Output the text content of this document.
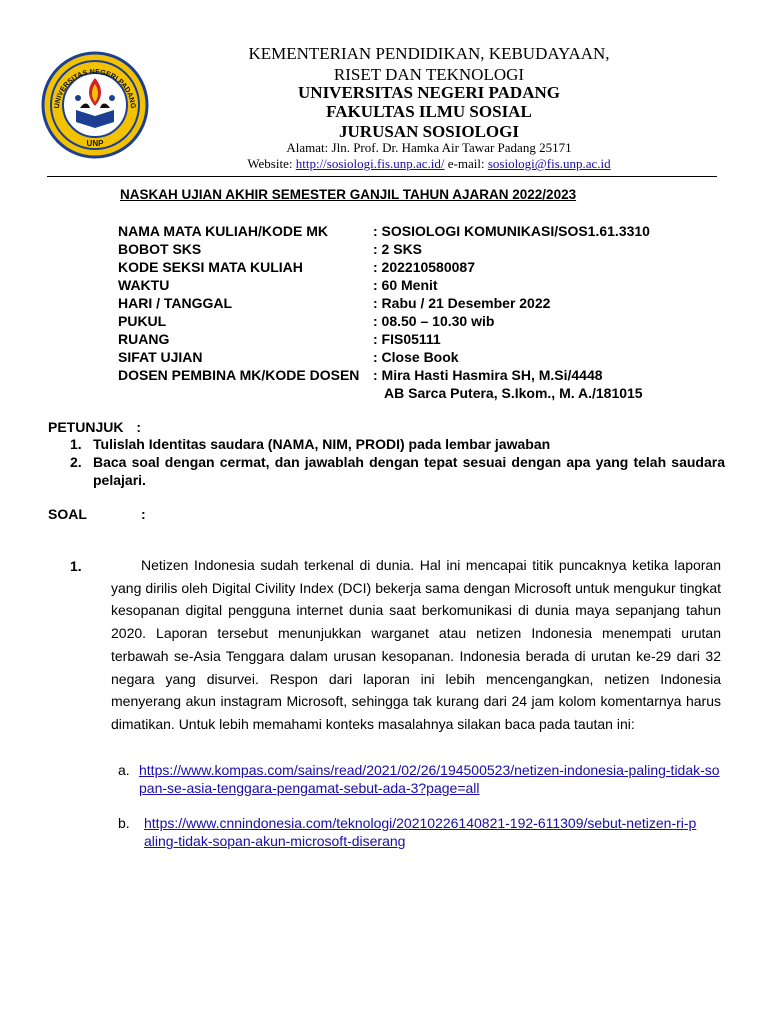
UNIVERSITAS NEGERI PADANG
UNP
KEMENTERIAN PENDIDIKAN, KEBUDAYAAN,
RISET DAN TEKNOLOGI
UNIVERSITAS NEGERI PADANG
FAKULTAS ILMU SOSIAL
JURUSAN SOSIOLOGI
Alamat: Jln. Prof. Dr. Hamka Air Tawar Padang 25171
Website: http://sosiologi.fis.unp.ac.id/ e-mail: sosiologi@fis.unp.ac.id
NASKAH UJIAN AKHIR SEMESTER GANJIL TAHUN AJARAN 2022/2023
NAMA MATA KULIAH/KODE MK	: SOSIOLOGI KOMUNIKASI/SOS1.61.3310
BOBOT SKS	: 2 SKS
KODE SEKSI MATA KULIAH	: 202210580087
WAKTU	: 60 Menit
HARI / TANGGAL	: Rabu / 21 Desember 2022
PUKUL	: 08.50 – 10.30 wib
RUANG	: FIS05111
SIFAT UJIAN	: Close Book
DOSEN PEMBINA MK/KODE DOSEN : Mira Hasti Hasmira SH, M.Si/4448
AB Sarca Putera, S.Ikom., M. A./181015
PETUNJUK :
1. Tulislah Identitas saudara (NAMA, NIM, PRODI) pada lembar jawaban
2. Baca soal dengan cermat, dan jawablah dengan tepat sesuai dengan apa yang telah saudara pelajari.
SOAL	:
1.	Netizen Indonesia sudah terkenal di dunia. Hal ini mencapai titik puncaknya ketika laporan yang dirilis oleh Digital Civility Index (DCI) bekerja sama dengan Microsoft untuk mengukur tingkat kesopanan digital pengguna internet dunia saat berkomunikasi di dunia maya sepanjang tahun 2020. Laporan tersebut menunjukkan warganet atau netizen Indonesia menempati urutan terbawah se-Asia Tenggara dalam urusan kesopanan. Indonesia berada di urutan ke-29 dari 32 negara yang disurvei. Respon dari laporan ini lebih mencengangkan, netizen Indonesia menyerang akun instagram Microsoft, sehingga tak kurang dari 24 jam kolom komentarnya harus dimatikan. Untuk lebih memahami konteks masalahnya silakan baca pada tautan ini:
a. https://www.kompas.com/sains/read/2021/02/26/194500523/netizen-indonesia-paling-tidak-sopan-se-asia-tenggara-pengamat-sebut-ada-3?page=all
b. https://www.cnnindonesia.com/teknologi/20210226140821-192-611309/sebut-netizen-ri-paling-tidak-sopan-akun-microsoft-diserang
